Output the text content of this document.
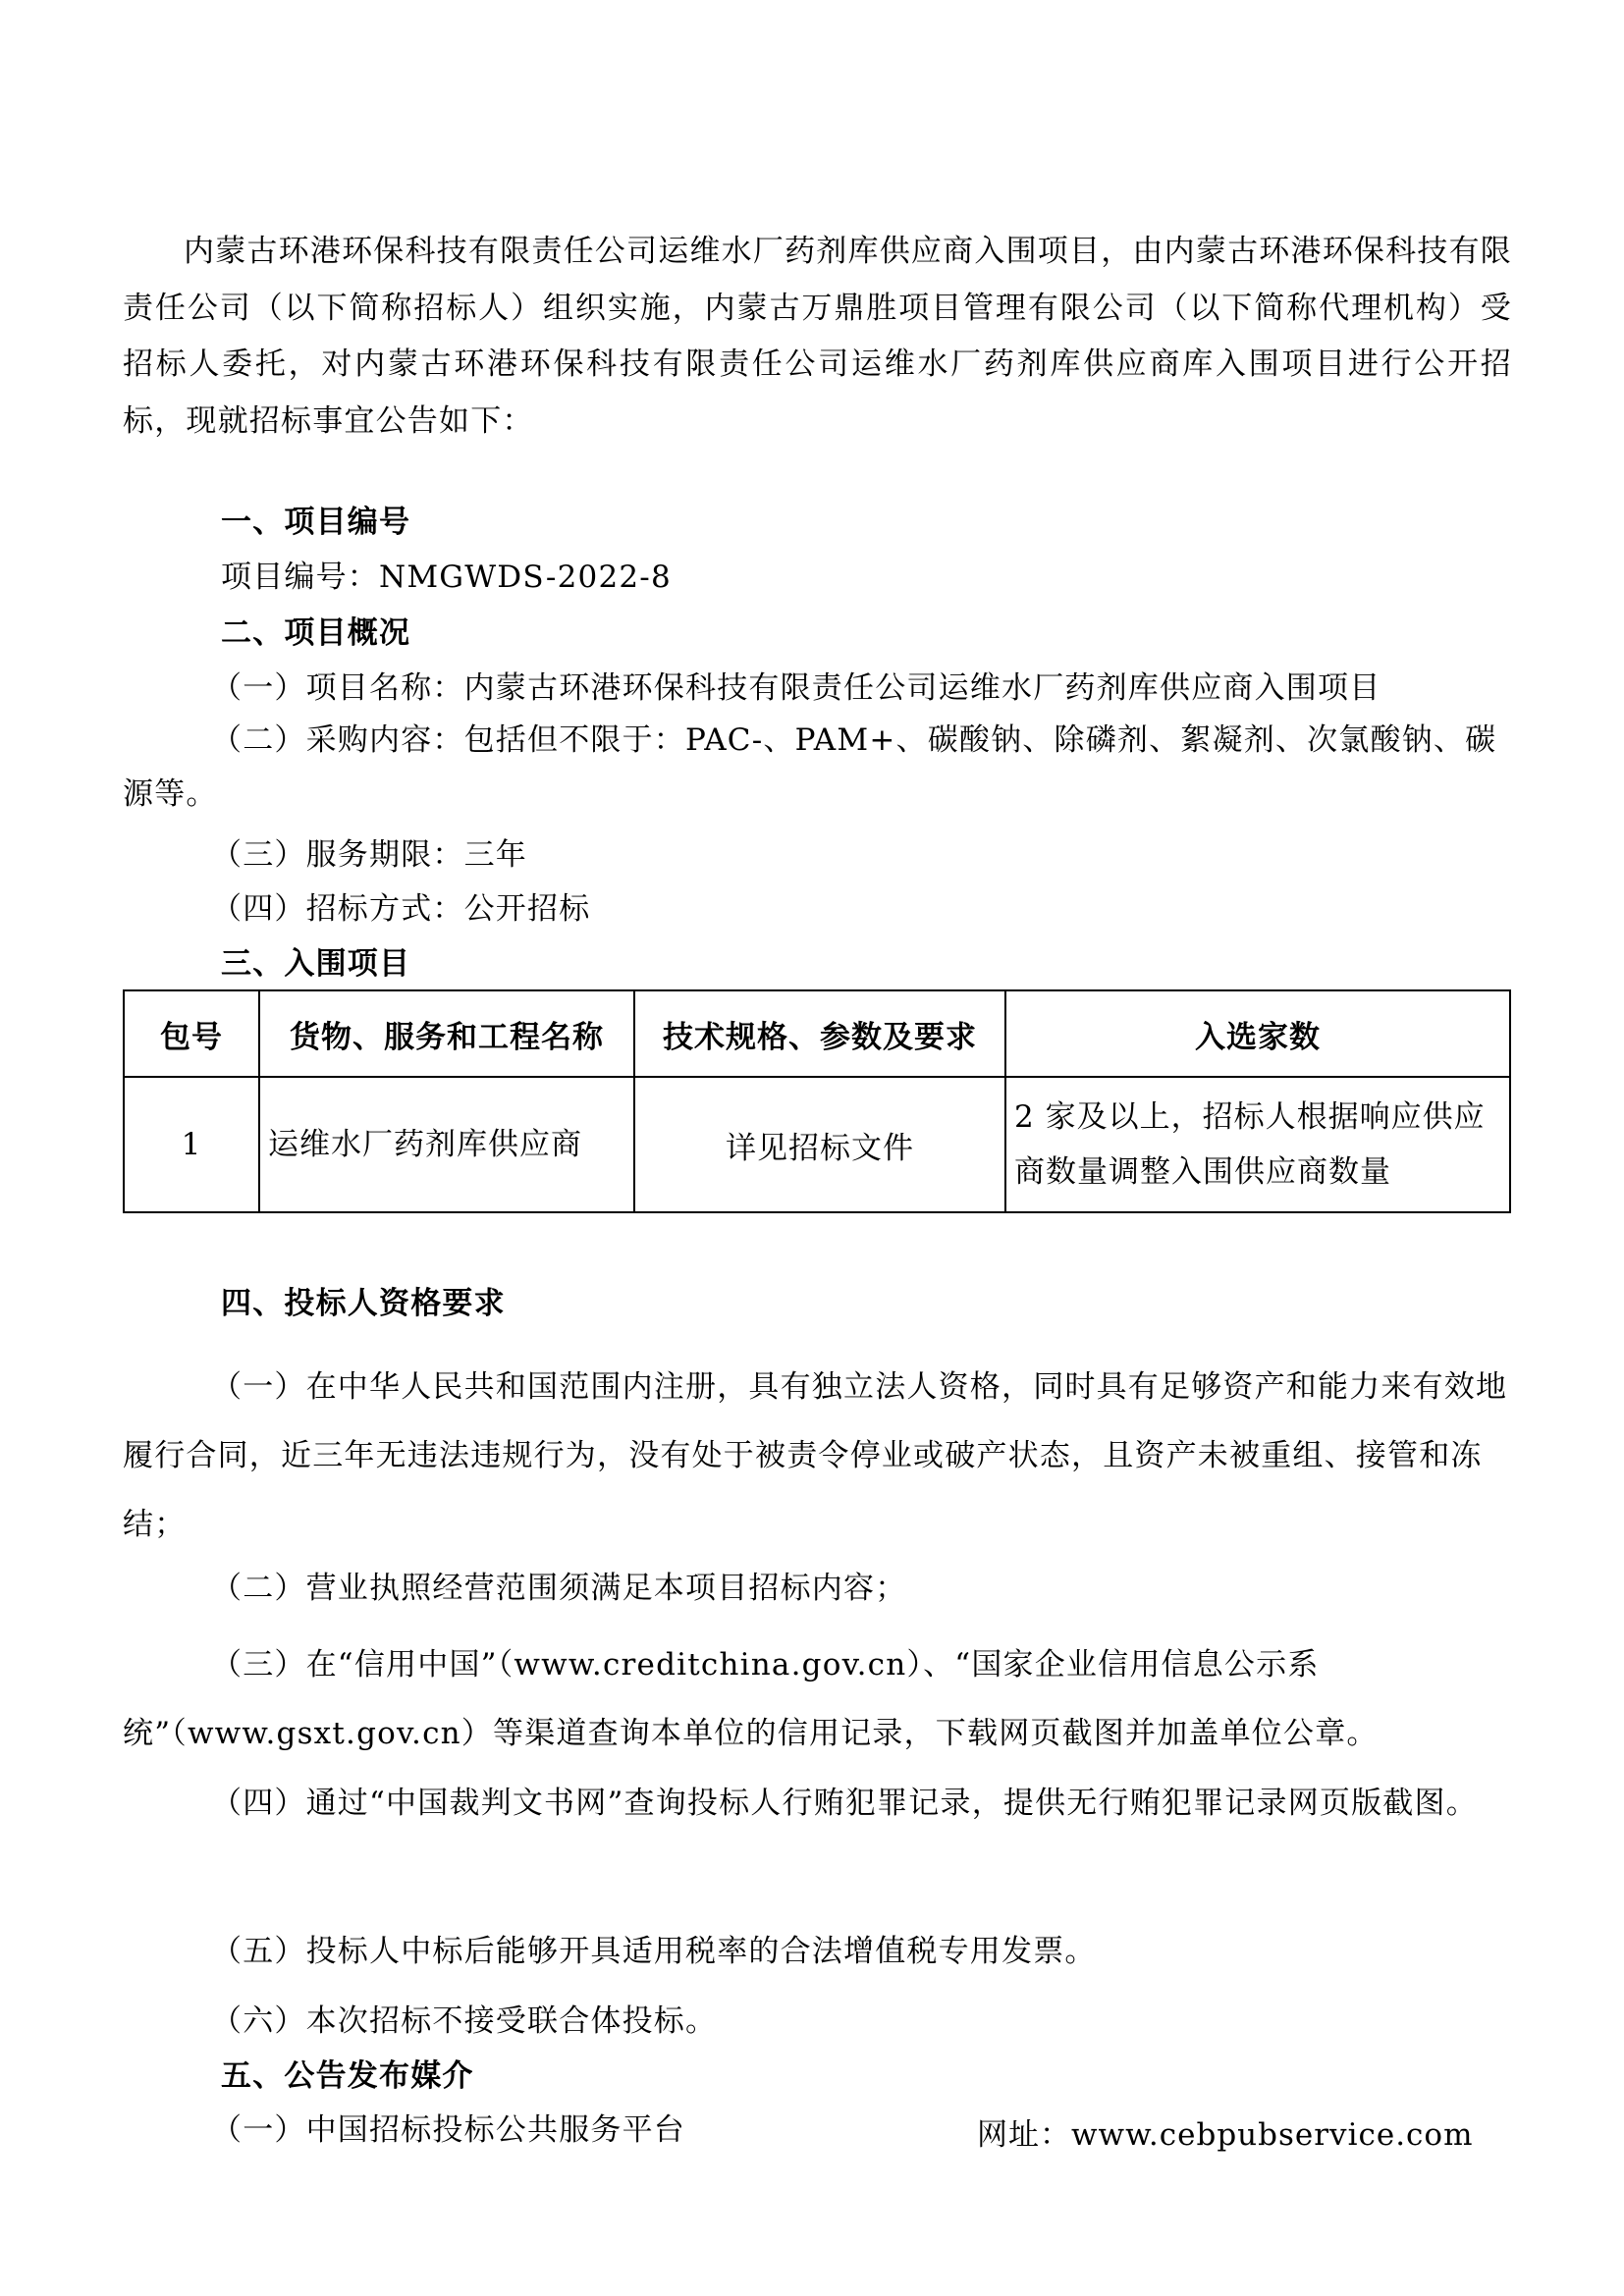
内蒙古环港环保科技有限责任公司运维水厂药剂库供应商入围项目，由内蒙古环港环保科技有限责任公司（以下简称招标人）组织实施，内蒙古万鼎胜项目管理有限公司（以下简称代理机构）受招标人委托，对内蒙古环港环保科技有限责任公司运维水厂药剂库供应商库入围项目进行公开招标，现就招标事宜公告如下：

一、项目编号

项目编号：NMGWDS-2022-8

二、项目概况

（一）项目名称：内蒙古环港环保科技有限责任公司运维水厂药剂库供应商入围项目

（二）采购内容：包括但不限于：PAC-、PAM+、碳酸钠、除磷剂、絮凝剂、次氯酸钠、碳源等。

（三）服务期限：三年

（四）招标方式：公开招标

三、入围项目

包号	货物、服务和工程名称	技术规格、参数及要求	入选家数
1	运维水厂药剂库供应商	详见招标文件	2 家及以上，招标人根据响应供应商数量调整入围供应商数量

四、投标人资格要求

（一）在中华人民共和国范围内注册，具有独立法人资格，同时具有足够资产和能力来有效地履行合同，近三年无违法违规行为，没有处于被责令停业或破产状态，且资产未被重组、接管和冻结；

（二）营业执照经营范围须满足本项目招标内容；

（三）在“信用中国”（www.creditchina.gov.cn）、“国家企业信用信息公示系统”（www.gsxt.gov.cn）等渠道查询本单位的信用记录，下载网页截图并加盖单位公章。

（四）通过“中国裁判文书网”查询投标人行贿犯罪记录，提供无行贿犯罪记录网页版截图。

（五）投标人中标后能够开具适用税率的合法增值税专用发票。

（六）本次招标不接受联合体投标。

五、公告发布媒介

（一）中国招标投标公共服务平台	网址：www.cebpubservice.com
